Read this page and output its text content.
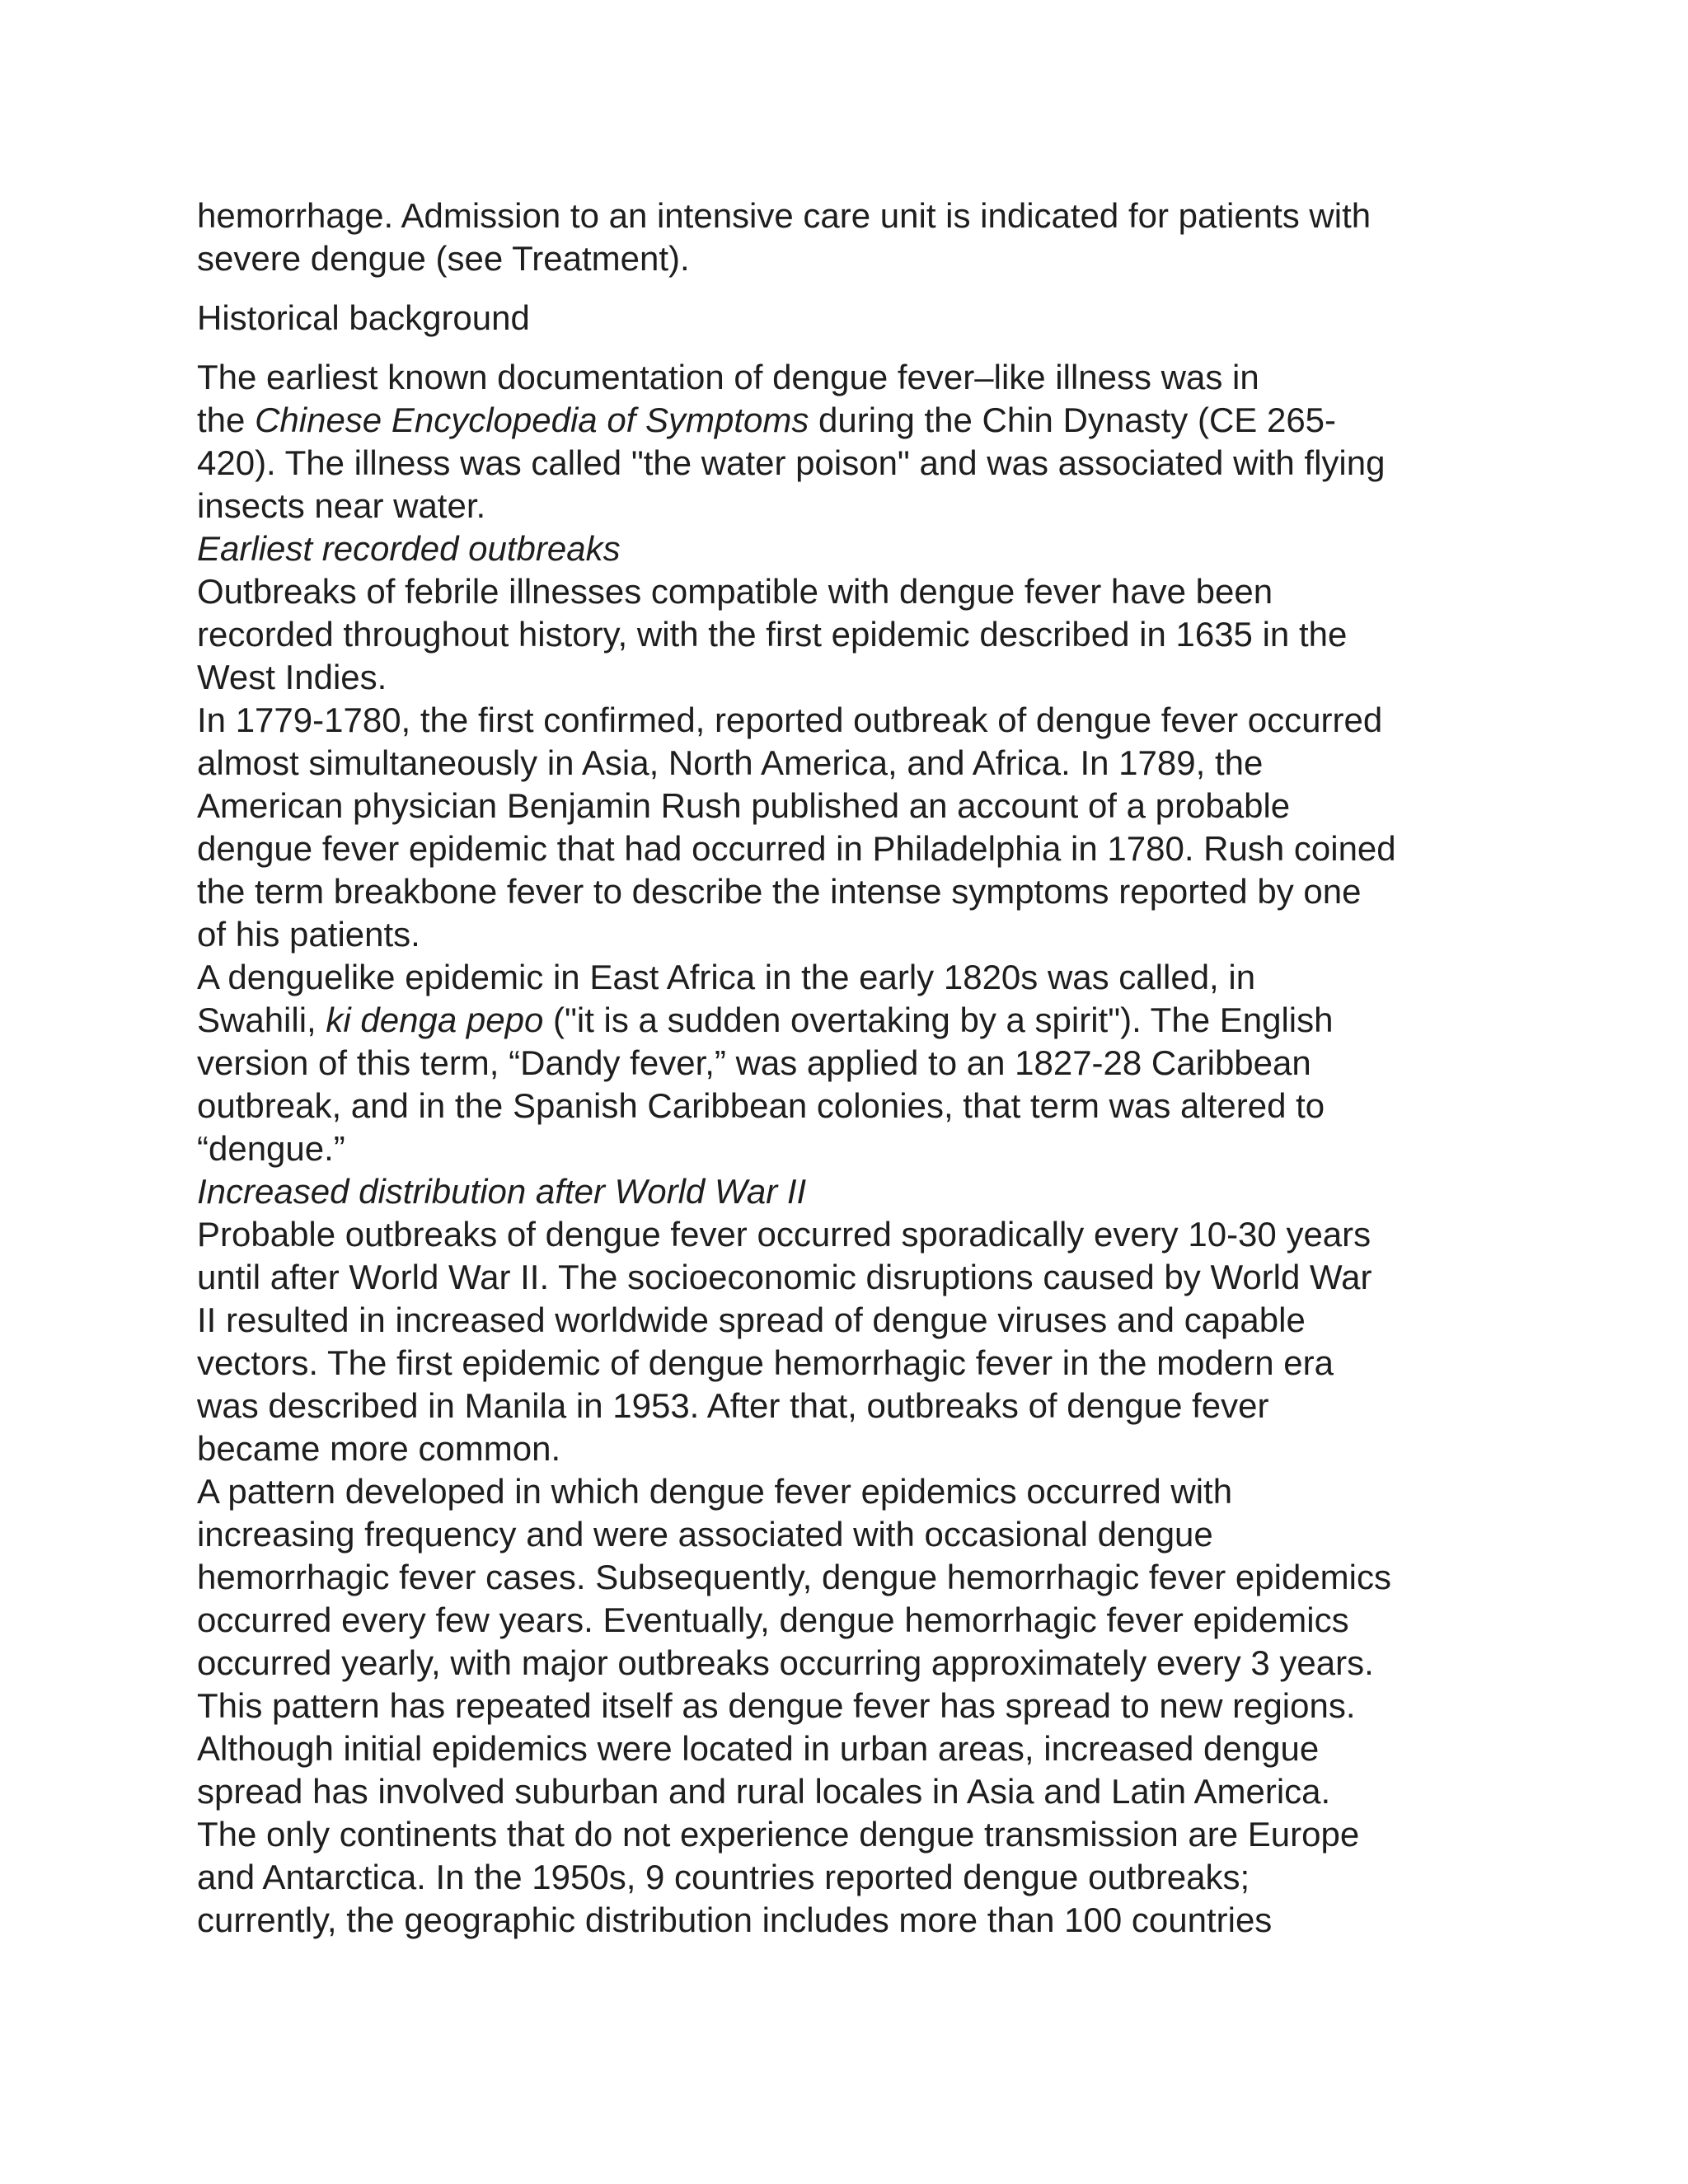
hemorrhage. Admission to an intensive care unit is indicated for patients with
severe dengue (see Treatment).
Historical background
The earliest known documentation of dengue fever–like illness was in
the Chinese Encyclopedia of Symptoms during the Chin Dynasty (CE 265-
420). The illness was called "the water poison" and was associated with flying
insects near water.
Earliest recorded outbreaks
Outbreaks of febrile illnesses compatible with dengue fever have been
recorded throughout history, with the first epidemic described in 1635 in the
West Indies.
In 1779-1780, the first confirmed, reported outbreak of dengue fever occurred
almost simultaneously in Asia, North America, and Africa. In 1789, the
American physician Benjamin Rush published an account of a probable
dengue fever epidemic that had occurred in Philadelphia in 1780. Rush coined
the term breakbone fever to describe the intense symptoms reported by one
of his patients.
A denguelike epidemic in East Africa in the early 1820s was called, in
Swahili, ki denga pepo ("it is a sudden overtaking by a spirit"). The English
version of this term, “Dandy fever,” was applied to an 1827-28 Caribbean
outbreak, and in the Spanish Caribbean colonies, that term was altered to
“dengue.”
Increased distribution after World War II
Probable outbreaks of dengue fever occurred sporadically every 10-30 years
until after World War II. The socioeconomic disruptions caused by World War
II resulted in increased worldwide spread of dengue viruses and capable
vectors. The first epidemic of dengue hemorrhagic fever in the modern era
was described in Manila in 1953. After that, outbreaks of dengue fever
became more common.
A pattern developed in which dengue fever epidemics occurred with
increasing frequency and were associated with occasional dengue
hemorrhagic fever cases. Subsequently, dengue hemorrhagic fever epidemics
occurred every few years. Eventually, dengue hemorrhagic fever epidemics
occurred yearly, with major outbreaks occurring approximately every 3 years.
This pattern has repeated itself as dengue fever has spread to new regions.
Although initial epidemics were located in urban areas, increased dengue
spread has involved suburban and rural locales in Asia and Latin America.
The only continents that do not experience dengue transmission are Europe
and Antarctica. In the 1950s, 9 countries reported dengue outbreaks;
currently, the geographic distribution includes more than 100 countries
